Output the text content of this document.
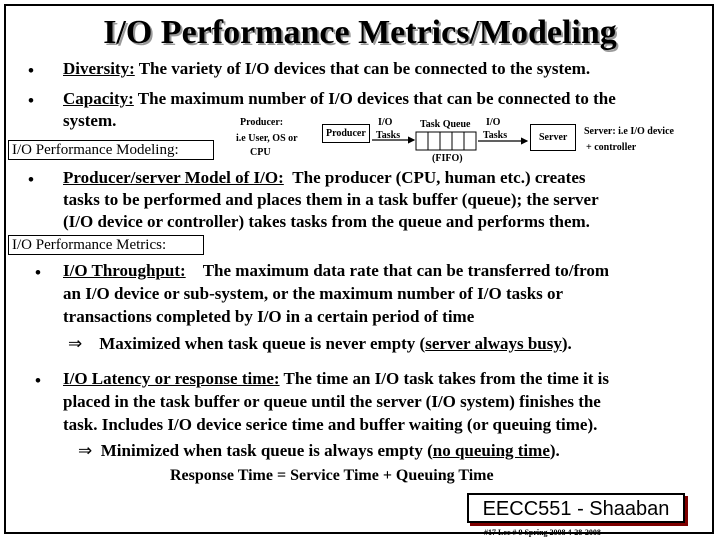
I/O Performance Metrics/Modeling
• Diversity: The variety of I/O devices that can be connected to the system.
• Capacity: The maximum number of I/O devices that can be connected to the
system.
I/O Performance Modeling:
Producer:
i.e User, OS or
CPU
Producer
I/O
Tasks
Task Queue
(FIFO)
I/O
Tasks	Server
Server: i.e I/O device
+ controller
• Producer/server Model of I/O: The producer (CPU, human etc.) creates
tasks to be performed and places them in a task buffer (queue); the server
(I/O device or controller) takes tasks from the queue and performs them.
I/O Performance Metrics:
• I/O Throughput: The maximum data rate that can be transferred to/from
an I/O device or sub-system, or the maximum number of I/O tasks or
transactions completed by I/O in a certain period of time
⇒ Maximized when task queue is never empty (server always busy).
• I/O Latency or response time: The time an I/O task takes from the time it is
placed in the task buffer or queue until the server (I/O system) finishes the
task. Includes I/O device serice time and buffer waiting (or queuing time).
⇒ Minimized when task queue is always empty (no queuing time).
Response Time = Service Time + Queuing Time
EECC551 - Shaaban
#17 Lec # 9 Spring 2008 4-28-2008
